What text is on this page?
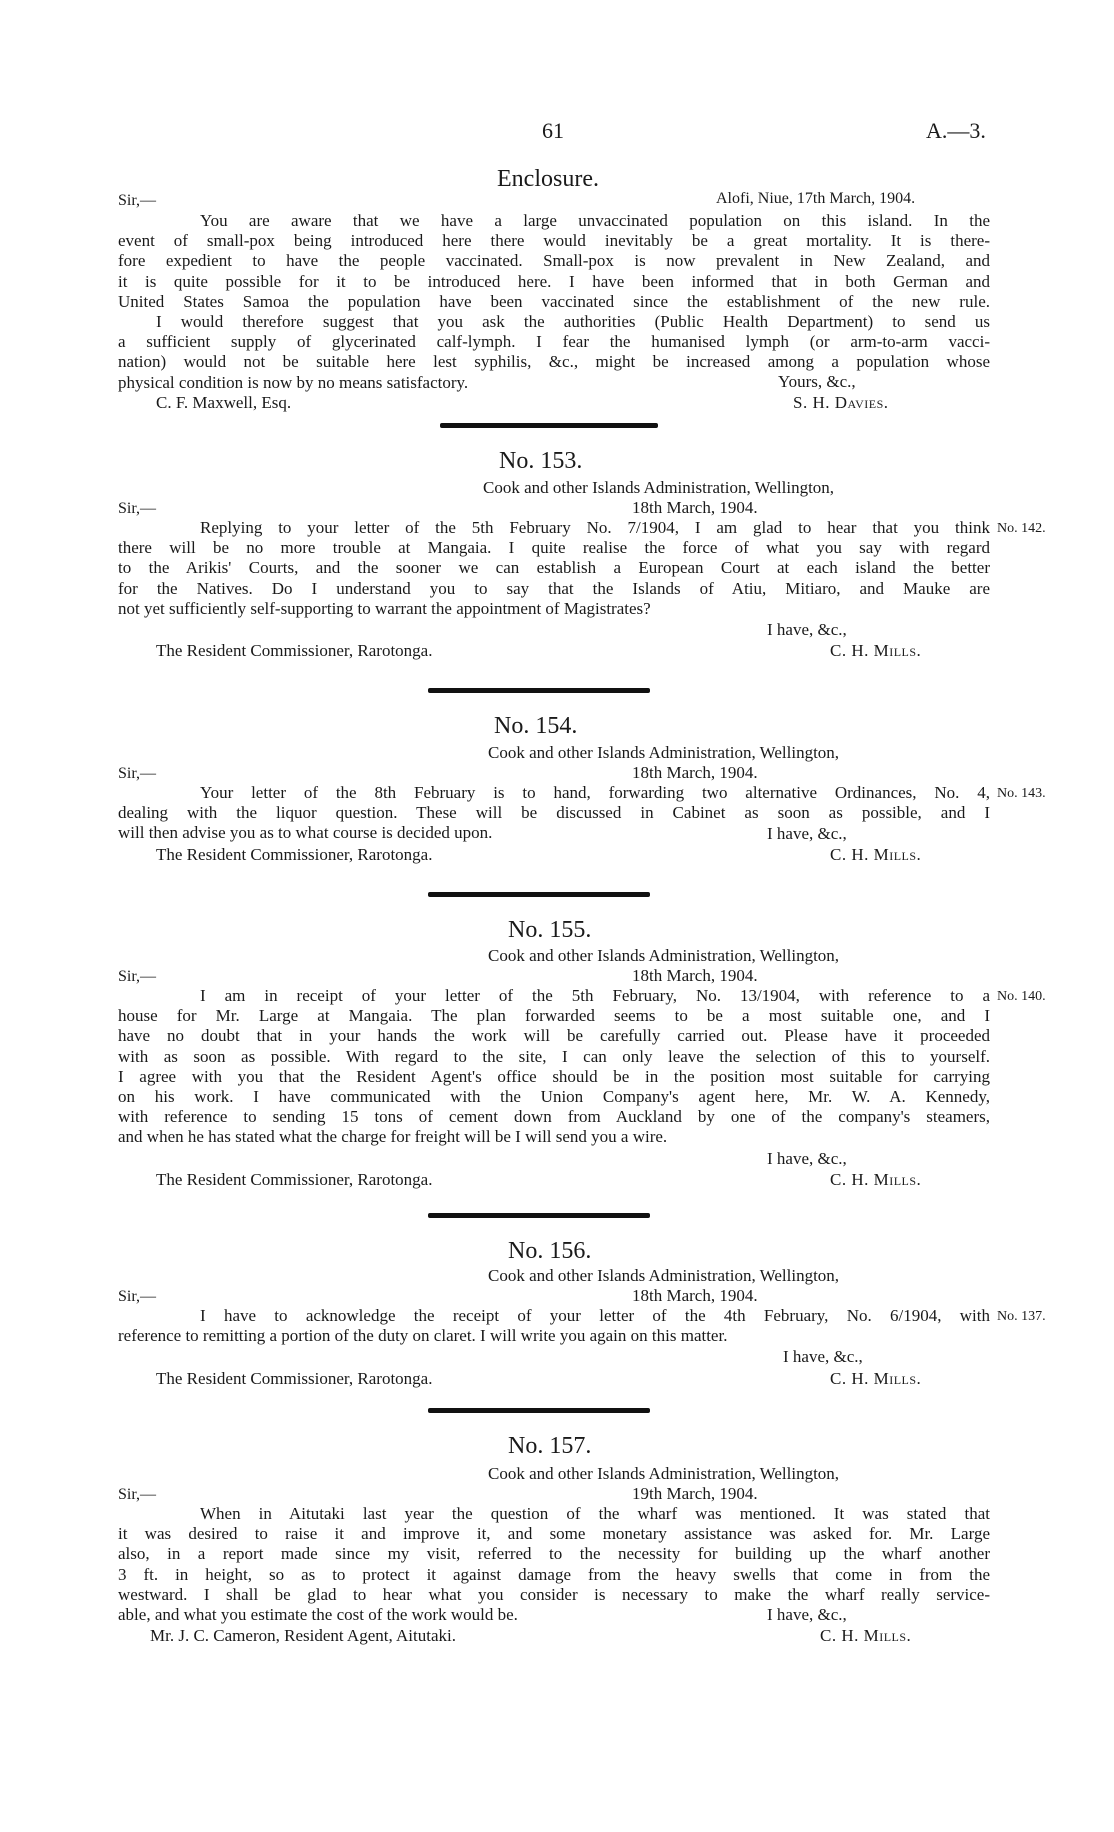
61	A.—3.
Enclosure.
Sir,—	Alofi, Niue, 17th March, 1904.
You are aware that we have a large unvaccinated population on this island. In the
event of small-pox being introduced here there would inevitably be a great mortality. It is there-
fore expedient to have the people vaccinated. Small-pox is now prevalent in New Zealand, and
it is quite possible for it to be introduced here. I have been informed that in both German and
United States Samoa the population have been vaccinated since the establishment of the new rule.
I would therefore suggest that you ask the authorities (Public Health Department) to send us
a sufficient supply of glycerinated calf-lymph. I fear the humanised lymph (or arm-to-arm vacci-
nation) would not be suitable here lest syphilis, &c., might be increased among a population whose
physical condition is now by no means satisfactory.	Yours, &c.,
C. F. Maxwell, Esq.	S. H. Davies.
No. 153.
Cook and other Islands Administration, Wellington,
Sir,—	18th March, 1904.
Replying to your letter of the 5th February No. 7/1904, I am glad to hear that you think
there will be no more trouble at Mangaia. I quite realise the force of what you say with regard
to the Arikis' Courts, and the sooner we can establish a European Court at each island the better
for the Natives. Do I understand you to say that the Islands of Atiu, Mitiaro, and Mauke are
not yet sufficiently self-supporting to warrant the appointment of Magistrates?
No. 142.
I have, &c.,
The Resident Commissioner, Rarotonga.	C. H. Mills.
No. 154.
Cook and other Islands Administration, Wellington,
Sir,—	18th March, 1904.
Your letter of the 8th February is to hand, forwarding two alternative Ordinances, No. 4,
dealing with the liquor question. These will be discussed in Cabinet as soon as possible, and I
will then advise you as to what course is decided upon.
No. 143.
I have, &c.,
The Resident Commissioner, Rarotonga.	C. H. Mills.
No. 155.
Cook and other Islands Administration, Wellington,
Sir,—	18th March, 1904.
I am in receipt of your letter of the 5th February, No. 13/1904, with reference to a
house for Mr. Large at Mangaia. The plan forwarded seems to be a most suitable one, and I
have no doubt that in your hands the work will be carefully carried out. Please have it proceeded
with as soon as possible. With regard to the site, I can only leave the selection of this to yourself.
I agree with you that the Resident Agent's office should be in the position most suitable for carrying
on his work. I have communicated with the Union Company's agent here, Mr. W. A. Kennedy,
with reference to sending 15 tons of cement down from Auckland by one of the company's steamers,
and when he has stated what the charge for freight will be I will send you a wire.
No. 140.
I have, &c.,
The Resident Commissioner, Rarotonga.	C. H. Mills.
No. 156.
Cook and other Islands Administration, Wellington,
Sir,—	18th March, 1904.
I have to acknowledge the receipt of your letter of the 4th February, No. 6/1904, with
reference to remitting a portion of the duty on claret. I will write you again on this matter.
No. 137.
I have, &c.,
The Resident Commissioner, Rarotonga.	C. H. Mills.
No. 157.
Cook and other Islands Administration, Wellington,
Sir,—	19th March, 1904.
When in Aitutaki last year the question of the wharf was mentioned. It was stated that
it was desired to raise it and improve it, and some monetary assistance was asked for. Mr. Large
also, in a report made since my visit, referred to the necessity for building up the wharf another
3 ft. in height, so as to protect it against damage from the heavy swells that come in from the
westward. I shall be glad to hear what you consider is necessary to make the wharf really service-
able, and what you estimate the cost of the work would be.	I have, &c.,
Mr. J. C. Cameron, Resident Agent, Aitutaki.	C. H. Mills.
